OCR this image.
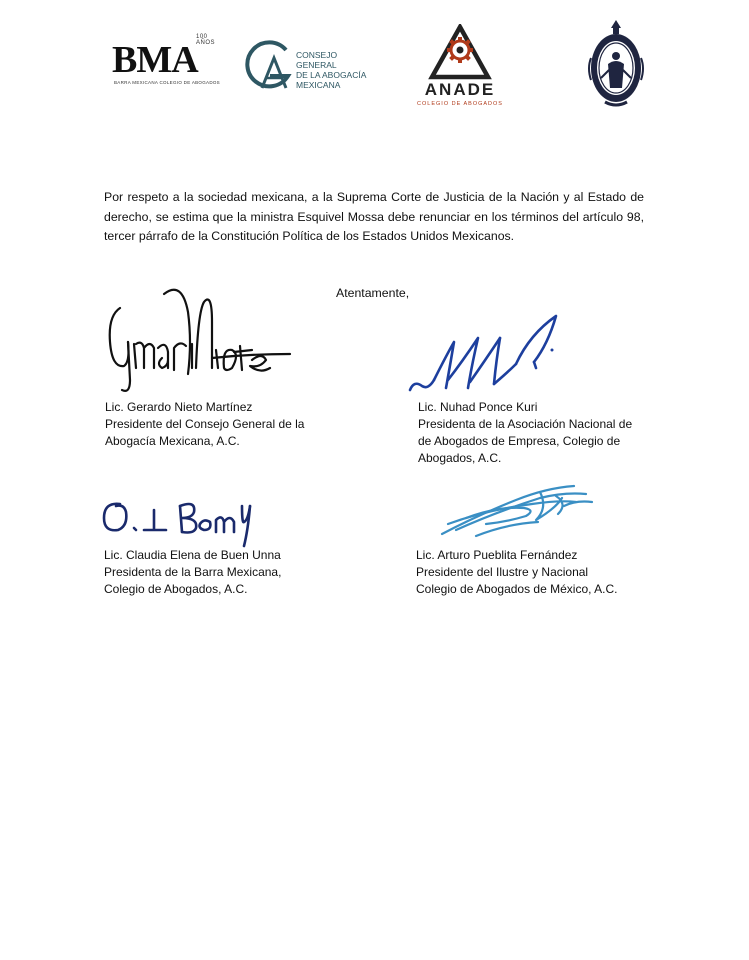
BMA
100 AÑOS
BARRA MEXICANA COLEGIO DE ABOGADOS
CONSEJO GENERAL
DE LA ABOGACÍA
MEXICANA	ANADE
COLEGIO DE ABOGADOS

Por respeto a la sociedad mexicana, a la Suprema Corte de Justicia de la Nación y al Estado de derecho, se estima que la ministra Esquivel Mossa debe renunciar en los términos del artículo 98, tercer párrafo de la Constitución Política de los Estados Unidos Mexicanos.

Atentamente,
Lic. Gerardo Nieto Martínez
Presidente del Consejo General de la
Abogacía Mexicana, A.C.
Lic. Nuhad Ponce Kuri
Presidenta de la Asociación Nacional de
de Abogados de Empresa, Colegio de
Abogados, A.C.
Lic. Claudia Elena de Buen Unna
Presidenta de la Barra Mexicana,
Colegio de Abogados, A.C.
Lic. Arturo Pueblita Fernández
Presidente del Ilustre y Nacional
Colegio de Abogados de México, A.C.
